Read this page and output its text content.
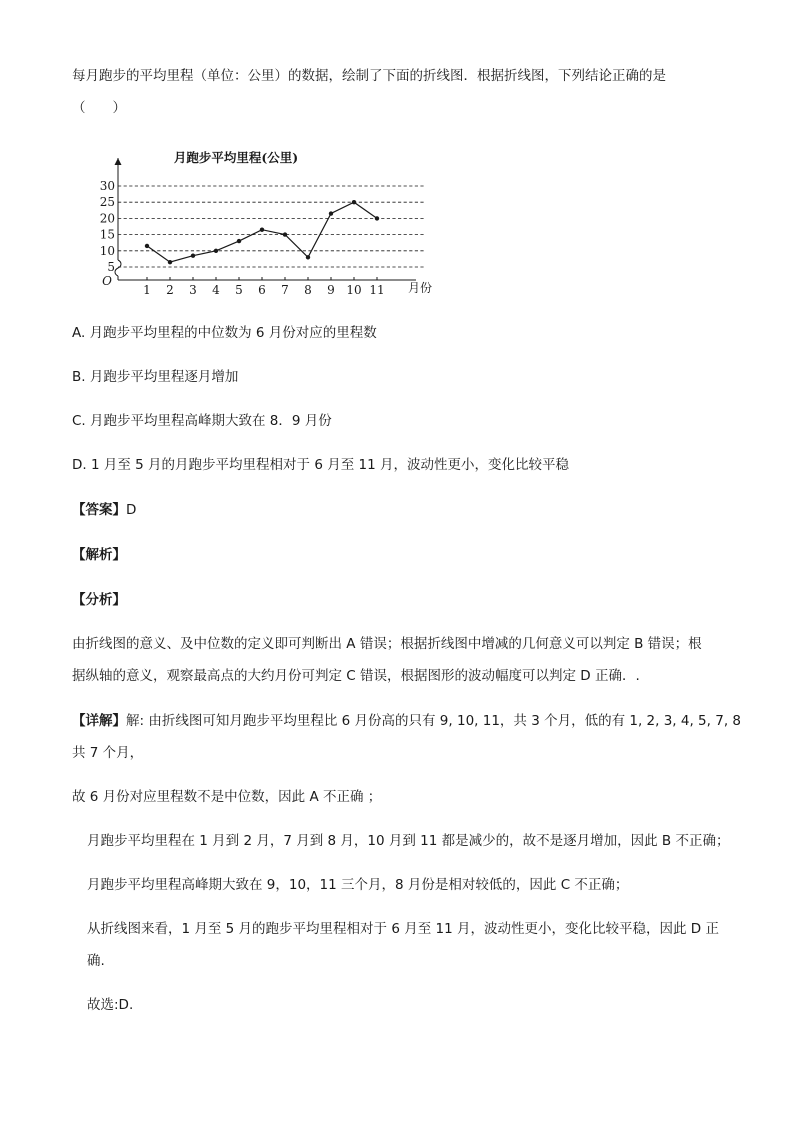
每月跑步的平均里程（单位：公里）的数据，绘制了下面的折线图．根据折线图，下列结论正确的是
（　　）
5
10
15
20
25
30
1 2 3 4 5 6 7 8 9 10 11
月跑步平均里程(公里)
月份
O
A. 月跑步平均里程的中位数为 6 月份对应的里程数
B. 月跑步平均里程逐月增加
C. 月跑步平均里程高峰期大致在 8．9 月份
D. 1 月至 5 月的月跑步平均里程相对于 6 月至 11 月，波动性更小，变化比较平稳
【答案】D
【解析】
【分析】
由折线图的意义、及中位数的定义即可判断出 A 错误；根据折线图中增减的几何意义可以判定 B 错误；根
据纵轴的意义，观察最高点的大约月份可判定 C 错误，根据图形的波动幅度可以判定 D 正确．.
【详解】解: 由折线图可知月跑步平均里程比 6 月份高的只有 9, 10, 11，共 3 个月，低的有 1, 2, 3, 4, 5, 7, 8
共 7 个月，
故 6 月份对应里程数不是中位数，因此 A 不正确 ；
月跑步平均里程在 1 月到 2 月，7 月到 8 月，10 月到 11 都是减少的，故不是逐月增加，因此 B 不正确；
月跑步平均里程高峰期大致在 9，10，11 三个月，8 月份是相对较低的，因此 C 不正确；
从折线图来看，1 月至 5 月的跑步平均里程相对于 6 月至 11 月，波动性更小，变化比较平稳，因此 D 正
确.
故选:D.
